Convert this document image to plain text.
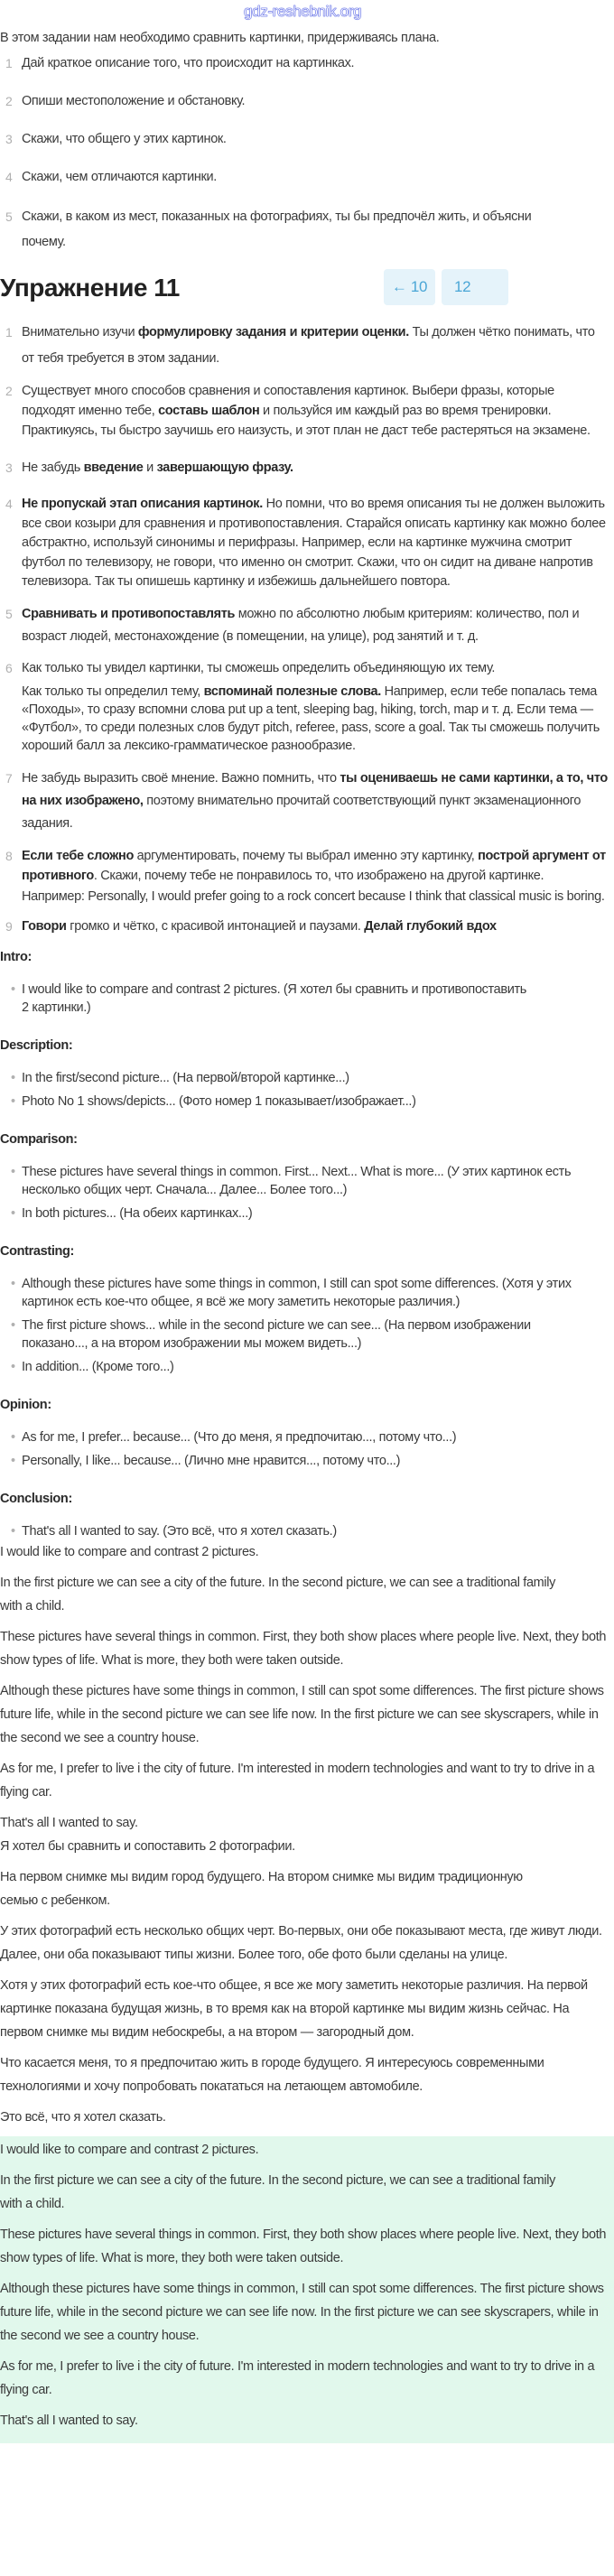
gdz-reshebnik.org
В этом задании нам необходимо сравнить картинки, придерживаясь плана.
1 Дай краткое описание того, что происходит на картинках.
2 Опиши местоположение и обстановку.
3 Скажи, что общего у этих картинок.
4 Скажи, чем отличаются картинки.
5 Скажи, в каком из мест, показанных на фотографиях, ты бы предпочёл жить, и объясни почему.
Упражнение 11	← 10	12
1 Внимательно изучи формулировку задания и критерии оценки. Ты должен чётко понимать, что от тебя требуется в этом задании.
2 Существует много способов сравнения и сопоставления картинок. Выбери фразы, которые подходят именно тебе, составь шаблон и пользуйся им каждый раз во время тренировки. Практикуясь, ты быстро заучишь его наизусть, и этот план не даст тебе растеряться на экзамене.
3 Не забудь введение и завершающую фразу.
4 Не пропускай этап описания картинок. Но помни, что во время описания ты не должен выложить все свои козыри для сравнения и противопоставления. Старайся описать картинку как можно более абстрактно, используй синонимы и перифразы. Например, если на картинке мужчина смотрит футбол по телевизору, не говори, что именно он смотрит. Скажи, что он сидит на диване напротив телевизора. Так ты опишешь картинку и избежишь дальнейшего повтора.
5 Сравнивать и противопоставлять можно по абсолютно любым критериям: количество, пол и возраст людей, местонахождение (в помещении, на улице), род занятий и т. д.
6 Как только ты увидел картинки, ты сможешь определить объединяющую их тему.
Как только ты определил тему, вспоминай полезные слова. Например, если тебе попалась тема «Походы», то сразу вспомни слова put up a tent, sleeping bag, hiking, torch, map и т. д. Если тема — «Футбол», то среди полезных слов будут pitch, referee, pass, score a goal. Так ты сможешь получить хороший балл за лексико-грамматическое разнообразие.
7 Не забудь выразить своё мнение. Важно помнить, что ты оцениваешь не сами картинки, а то, что на них изображено, поэтому внимательно прочитай соответствующий пункт экзаменационного задания.
8 Если тебе сложно аргументировать, почему ты выбрал именно эту картинку, построй аргумент от противного. Скажи, почему тебе не понравилось то, что изображено на другой картинке. Например: Personally, I would prefer going to a rock concert because I think that classical music is boring.
9 Говори громко и чётко, с красивой интонацией и паузами. Делай глубокий вдох
Intro:
• I would like to compare and contrast 2 pictures. (Я хотел бы сравнить и противопоставить 2 картинки.)
Description:
• In the first/second picture... (На первой/второй картинке...)
• Photo No 1 shows/depicts... (Фото номер 1 показывает/изображает...)
Comparison:
• These pictures have several things in common. First... Next... What is more... (У этих картинок есть несколько общих черт. Сначала... Далее... Более того...)
• In both pictures... (На обеих картинках...)
Contrasting:
• Although these pictures have some things in common, I still can spot some differences. (Хотя у этих картинок есть кое-что общее, я всё же могу заметить некоторые различия.)
• The first picture shows... while in the second picture we can see... (На первом изображении показано..., а на втором изображении мы можем видеть...)
• In addition... (Кроме того...)
Opinion:
• As for me, I prefer... because... (Что до меня, я предпочитаю..., потому что...)
• Personally, I like... because... (Лично мне нравится..., потому что...)
Conclusion:
• That's all I wanted to say. (Это всё, что я хотел сказать.)
I would like to compare and contrast 2 pictures.
In the first picture we can see a city of the future. In the second picture, we can see a traditional family with a child.
These pictures have several things in common. First, they both show places where people live. Next, they both show types of life. What is more, they both were taken outside.
Although these pictures have some things in common, I still can spot some differences. The first picture shows future life, while in the second picture we can see life now. In the first picture we can see skyscrapers, while in the second we see a country house.
As for me, I prefer to live i the city of future. I'm interested in modern technologies and want to try to drive in a flying car.
That's all I wanted to say.
Я хотел бы сравнить и сопоставить 2 фотографии.
На первом снимке мы видим город будущего. На втором снимке мы видим традиционную семью с ребенком.
У этих фотографий есть несколько общих черт. Во-первых, они обе показывают места, где живут люди. Далее, они оба показывают типы жизни. Более того, обе фото были сделаны на улице.
Хотя у этих фотографий есть кое-что общее, я все же могу заметить некоторые различия. На первой картинке показана будущая жизнь, в то время как на второй картинке мы видим жизнь сейчас. На первом снимке мы видим небоскребы, а на втором — загородный дом.
Что касается меня, то я предпочитаю жить в городе будущего. Я интересуюсь современными технологиями и хочу попробовать покататься на летающем автомобиле.
Это всё, что я хотел сказать.
I would like to compare and contrast 2 pictures.
In the first picture we can see a city of the future. In the second picture, we can see a traditional family with a child.
These pictures have several things in common. First, they both show places where people live. Next, they both show types of life. What is more, they both were taken outside.
Although these pictures have some things in common, I still can spot some differences. The first picture shows future life, while in the second picture we can see life now. In the first picture we can see skyscrapers, while in the second we see a country house.
As for me, I prefer to live i the city of future. I'm interested in modern technologies and want to try to drive in a flying car.
That's all I wanted to say.
